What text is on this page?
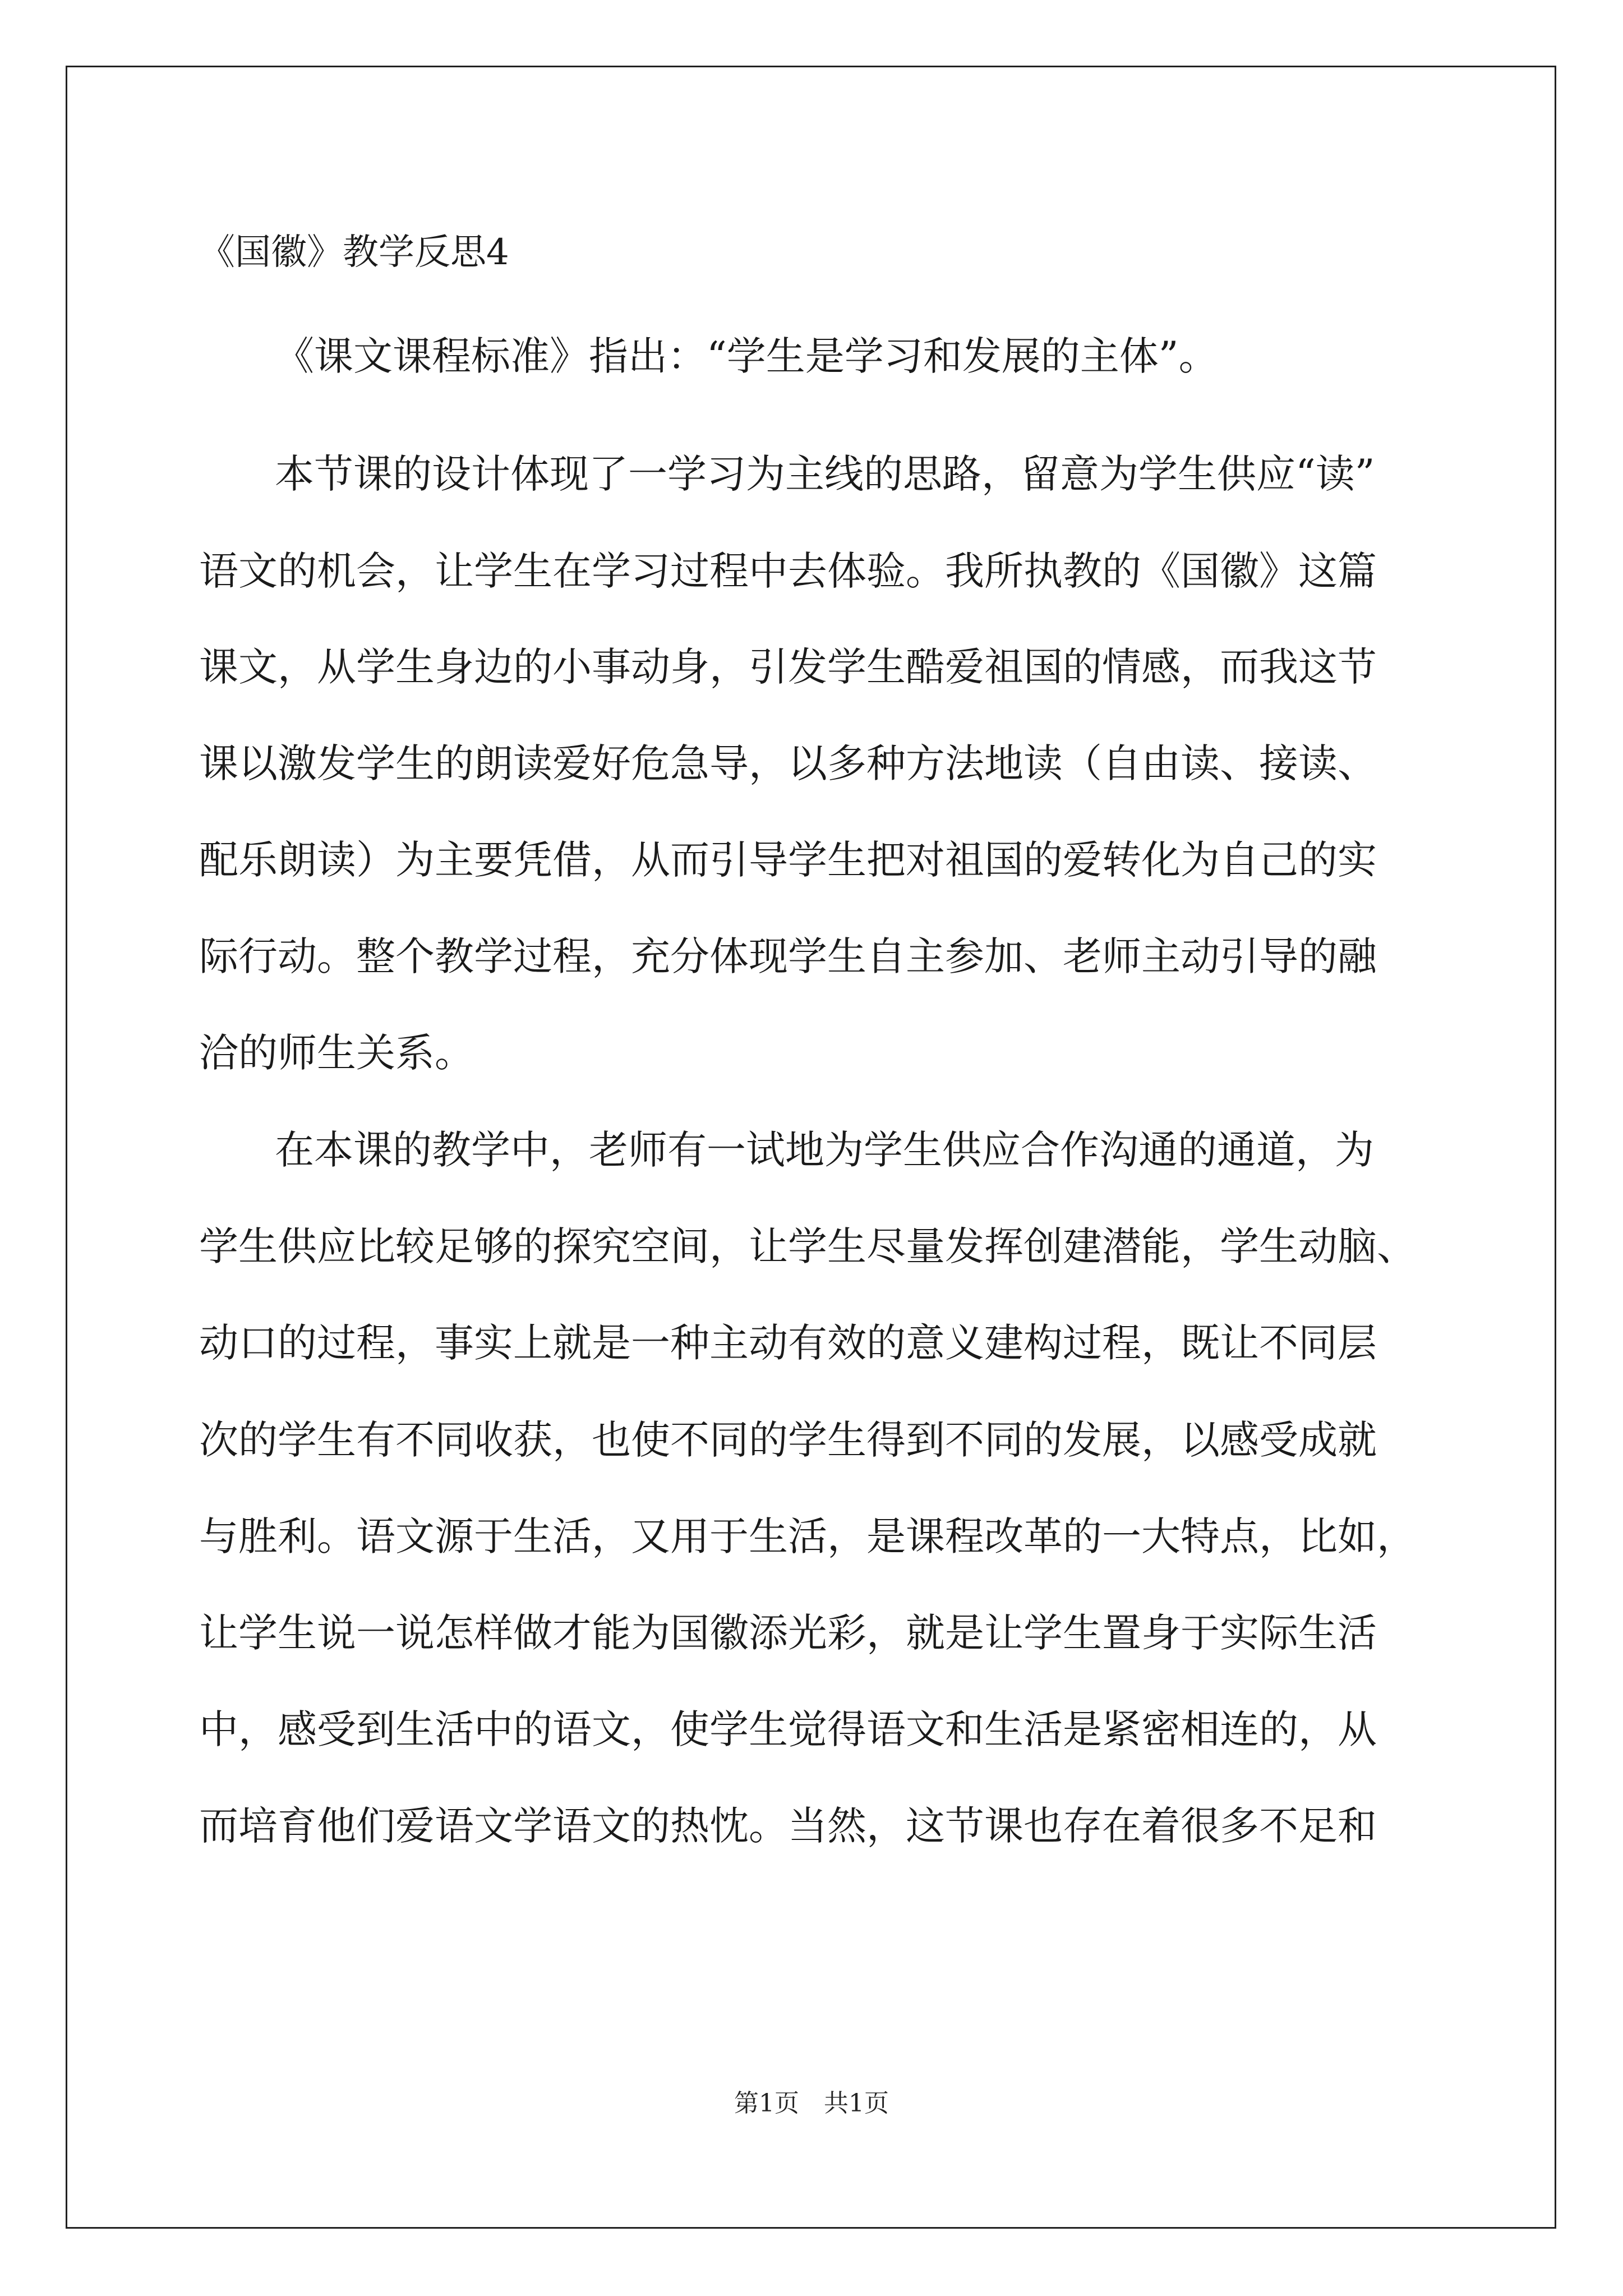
《国徽》教学反思4

《课文课程标准》指出：“学生是学习和发展的主体”。

本节课的设计体现了一学习为主线的思路，留意为学生供应“读”

语文的机会，让学生在学习过程中去体验。我所执教的《国徽》这篇

课文，从学生身边的小事动身，引发学生酷爱祖国的情感，而我这节

课以激发学生的朗读爱好危急导，以多种方法地读（自由读、接读、

配乐朗读）为主要凭借，从而引导学生把对祖国的爱转化为自己的实

际行动。整个教学过程，充分体现学生自主参加、老师主动引导的融

洽的师生关系。

在本课的教学中，老师有一试地为学生供应合作沟通的通道，为

学生供应比较足够的探究空间，让学生尽量发挥创建潜能，学生动脑、

动口的过程，事实上就是一种主动有效的意义建构过程，既让不同层

次的学生有不同收获，也使不同的学生得到不同的发展，以感受成就

与胜利。语文源于生活，又用于生活，是课程改革的一大特点，比如，

让学生说一说怎样做才能为国徽添光彩，就是让学生置身于实际生活

中，感受到生活中的语文，使学生觉得语文和生活是紧密相连的，从

而培育他们爱语文学语文的热忱。当然，这节课也存在着很多不足和

第1页　共1页
